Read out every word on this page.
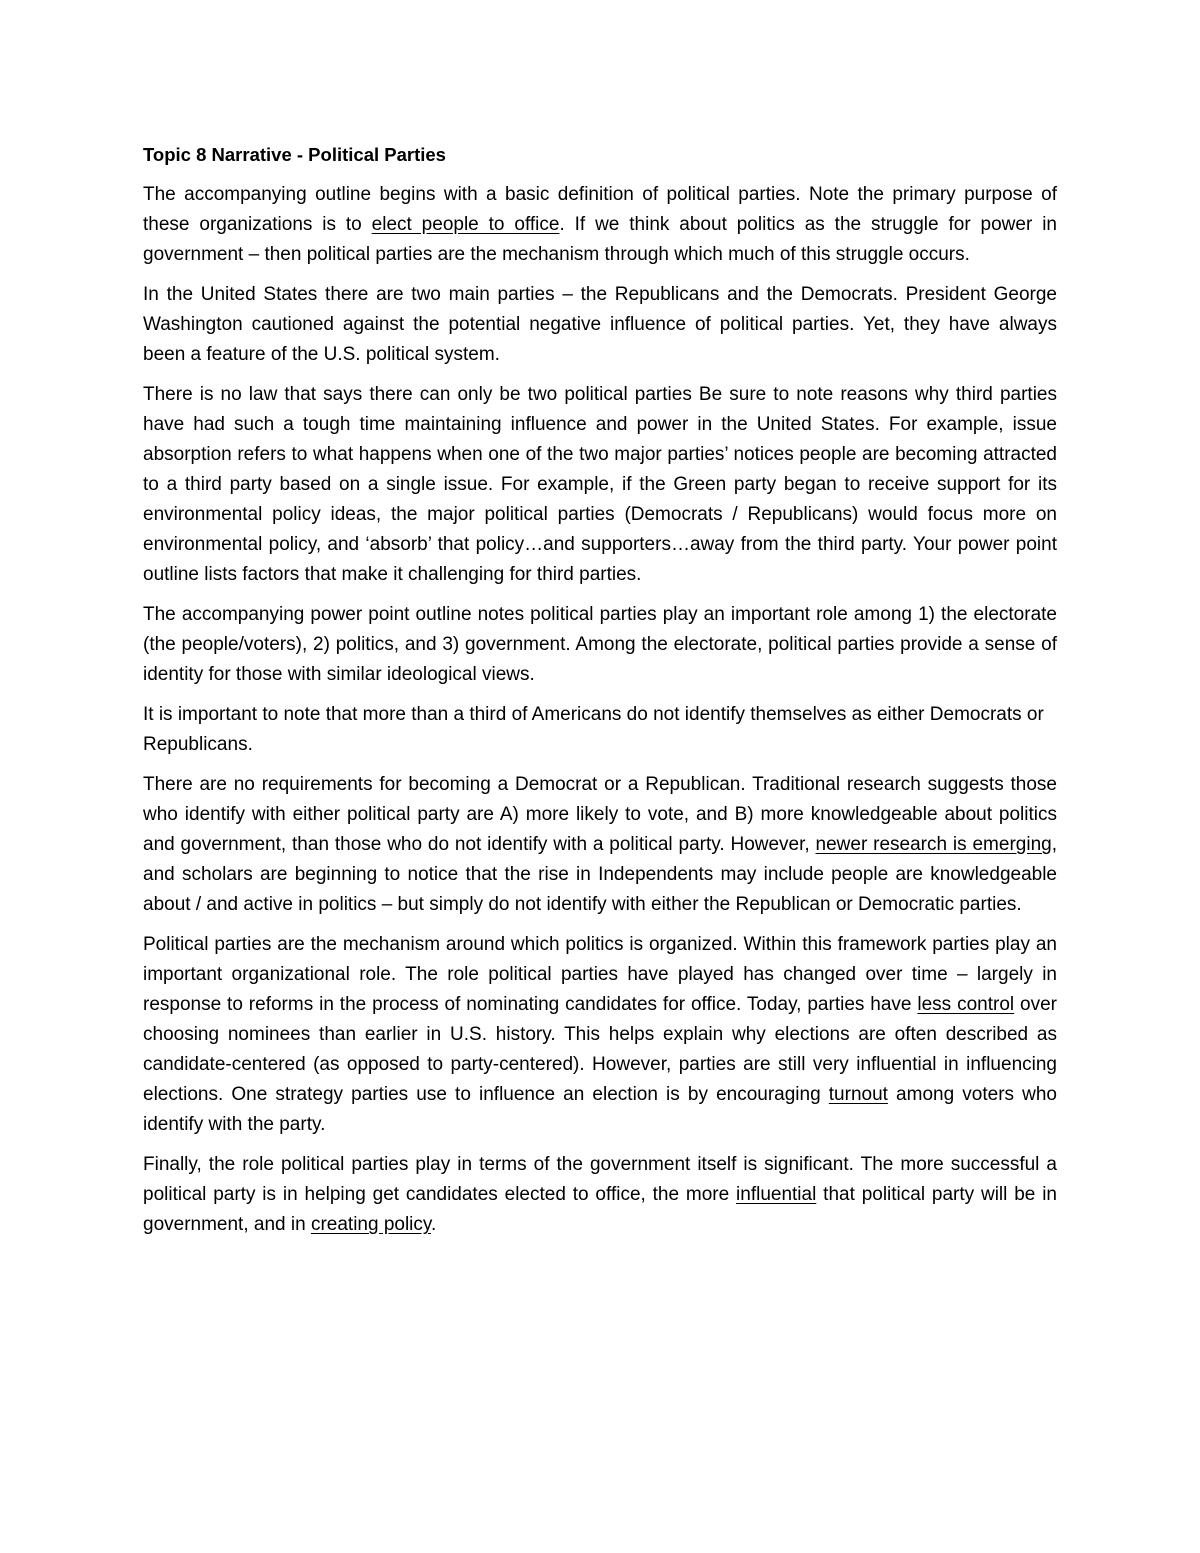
Topic 8 Narrative - Political Parties

The accompanying outline begins with a basic definition of political parties. Note the primary purpose of these organizations is to elect people to office. If we think about politics as the struggle for power in government – then political parties are the mechanism through which much of this struggle occurs.

In the United States there are two main parties – the Republicans and the Democrats. President George Washington cautioned against the potential negative influence of political parties. Yet, they have always been a feature of the U.S. political system.

There is no law that says there can only be two political parties Be sure to note reasons why third parties have had such a tough time maintaining influence and power in the United States. For example, issue absorption refers to what happens when one of the two major parties’ notices people are becoming attracted to a third party based on a single issue. For example, if the Green party began to receive support for its environmental policy ideas, the major political parties (Democrats / Republicans) would focus more on environmental policy, and ‘absorb’ that policy…and supporters…away from the third party. Your power point outline lists factors that make it challenging for third parties.

The accompanying power point outline notes political parties play an important role among 1) the electorate (the people/voters), 2) politics, and 3) government. Among the electorate, political parties provide a sense of identity for those with similar ideological views.

It is important to note that more than a third of Americans do not identify themselves as either Democrats or Republicans.

There are no requirements for becoming a Democrat or a Republican. Traditional research suggests those who identify with either political party are A) more likely to vote, and B) more knowledgeable about politics and government, than those who do not identify with a political party. However, newer research is emerging, and scholars are beginning to notice that the rise in Independents may include people are knowledgeable about / and active in politics – but simply do not identify with either the Republican or Democratic parties.

Political parties are the mechanism around which politics is organized. Within this framework parties play an important organizational role. The role political parties have played has changed over time – largely in response to reforms in the process of nominating candidates for office. Today, parties have less control over choosing nominees than earlier in U.S. history. This helps explain why elections are often described as candidate-centered (as opposed to party-centered). However, parties are still very influential in influencing elections. One strategy parties use to influence an election is by encouraging turnout among voters who identify with the party.

Finally, the role political parties play in terms of the government itself is significant. The more successful a political party is in helping get candidates elected to office, the more influential that political party will be in government, and in creating policy.
